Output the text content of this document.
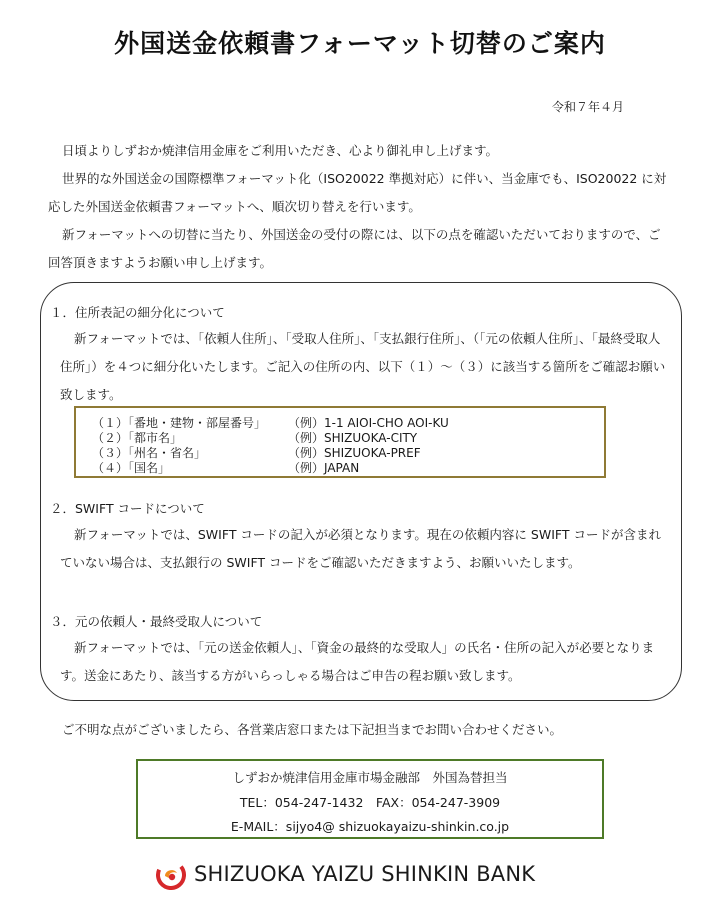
外国送金依頼書フォーマット切替のご案内
令和７年４月

日頃よりしずおか焼津信用金庫をご利用いただき、心より御礼申し上げます。

世界的な外国送金の国際標準フォーマット化（ISO20022 準拠対応）に伴い、当金庫でも、ISO20022 に対応した外国送金依頼書フォーマットへ、順次切り替えを行います。

新フォーマットへの切替に当たり、外国送金の受付の際には、以下の点を確認いただいておりますので、ご回答頂きますようお願い申し上げます。

１．住所表記の細分化について

新フォーマットでは、「依頼人住所」、「受取人住所」、「支払銀行住所」、（「元の依頼人住所」、「最終受取人住所」）を４つに細分化いたします。ご記入の住所の内、以下（１）～（３）に該当する箇所をご確認お願い致します。

（１）「番地・建物・部屋番号」 （例） 1-1 AIOI-CHO AOI-KU
（２）「都市名」	（例） SHIZUOKA-CITY
（３）「州名・省名」	（例） SHIZUOKA-PREF
（４）「国名」	（例） JAPAN
２．SWIFT コードについて

新フォーマットでは、SWIFT コードの記入が必須となります。現在の依頼内容に SWIFT コードが含まれていない場合は、支払銀行の SWIFT コードをご確認いただきますよう、お願いいたします。

３．元の依頼人・最終受取人について

新フォーマットでは、「元の送金依頼人」、「資金の最終的な受取人」の氏名・住所の記入が必要となります。送金にあたり、該当する方がいらっしゃる場合はご申告の程お願い致します。

ご不明な点がございましたら、各営業店窓口または下記担当までお問い合わせください。
しずおか焼津信用金庫市場金融部　外国為替担当
TEL：054-247-1432　FAX：054-247-3909
E-MAIL：sijyo4@ shizuokayaizu-shinkin.co.jp
SHIZUOKA YAIZU SHINKIN BANK
